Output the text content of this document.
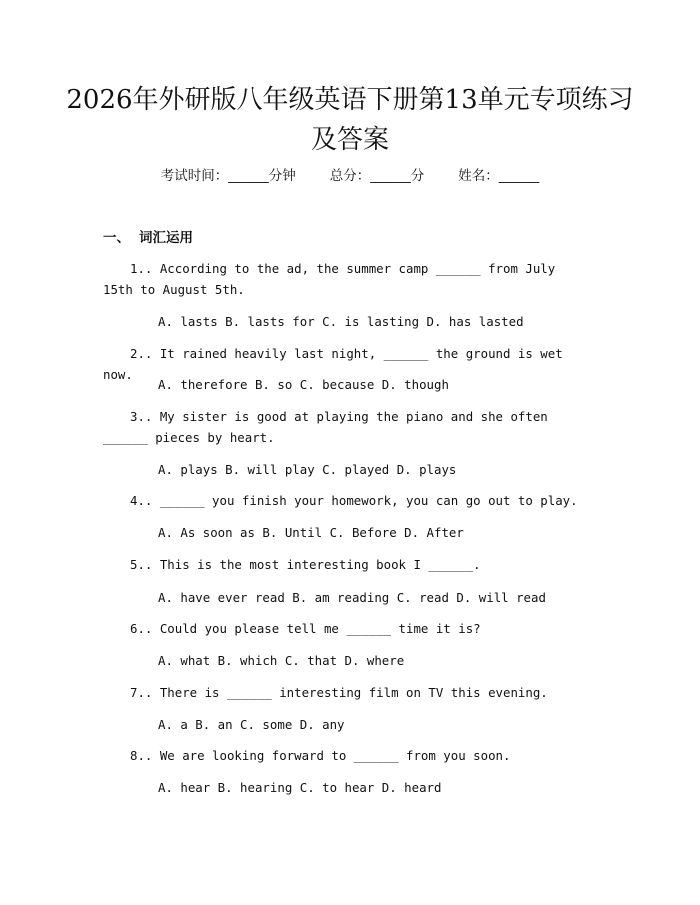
2026年外研版八年级英语下册第13单元专项练习及答案
考试时间：______分钟	总分：______分	姓名：______
一、 词汇运用

1.. According to the ad, the summer camp ______ from July 15th to August 5th.

A. lasts B. lasts for C. is lasting D. has lasted

2.. It rained heavily last night, ______ the ground is wet now.

A. therefore B. so C. because D. though

3.. My sister is good at playing the piano and she often ______ pieces by heart.

A. plays B. will play C. played D. plays

4.. ______ you finish your homework, you can go out to play.

A. As soon as B. Until C. Before D. After

5.. This is the most interesting book I ______.

A. have ever read B. am reading C. read D. will read

6.. Could you please tell me ______ time it is?

A. what B. which C. that D. where

7.. There is ______ interesting film on TV this evening.

A. a B. an C. some D. any

8.. We are looking forward to ______ from you soon.

A. hear B. hearing C. to hear D. heard
